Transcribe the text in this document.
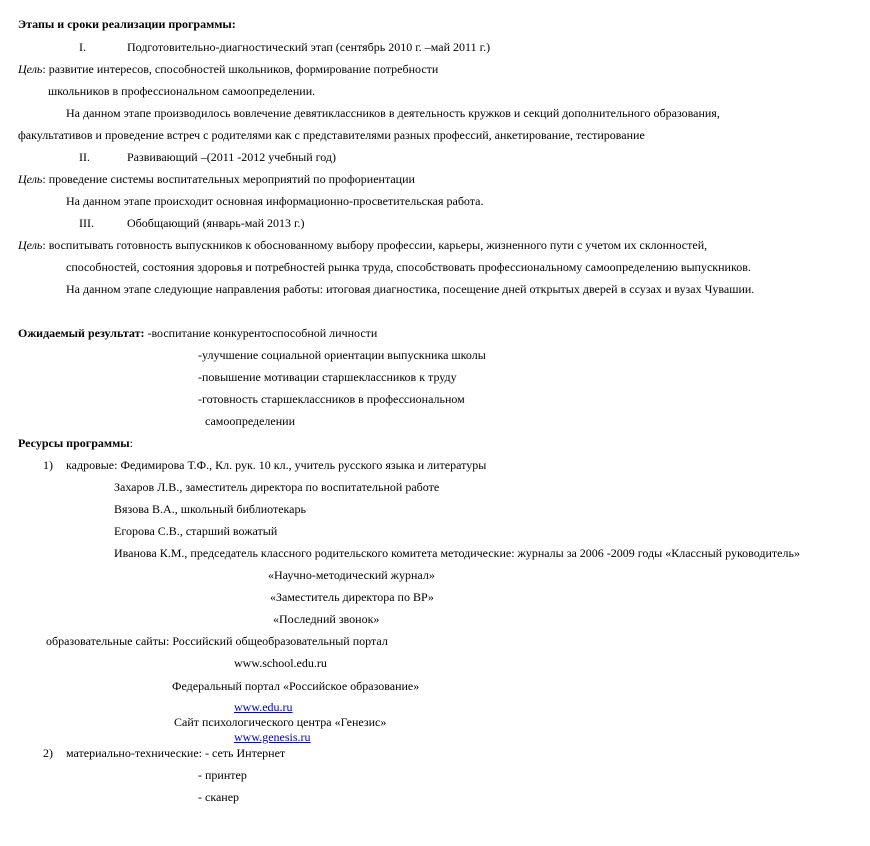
Этапы и сроки реализации программы:
I.	Подготовительно-диагностический этап (сентябрь 2010 г. –май 2011 г.)
Цель: развитие интересов, способностей школьников, формирование потребности
школьников в профессиональном самоопределении.
На данном этапе производилось вовлечение девятиклассников в деятельность кружков и секций дополнительного образования,
факультативов и проведение встреч с родителями как с представителями разных профессий, анкетирование, тестирование
II.	Развивающий –(2011 -2012 учебный год)
Цель: проведение системы воспитательных мероприятий по профориентации
На данном этапе происходит основная информационно-просветительская работа.
III.	Обобщающий (январь-май 2013 г.)
Цель: воспитывать готовность выпускников к обоснованному выбору профессии, карьеры, жизненного пути с учетом их склонностей,
способностей, состояния здоровья и потребностей рынка труда, способствовать профессиональному самоопределению выпускников.
На данном этапе следующие направления работы: итоговая диагностика, посещение дней открытых дверей в ссузах и вузах Чувашии.
Ожидаемый результат: -воспитание конкурентоспособной личности
-улучшение социальной ориентации выпускника школы
-повышение мотивации старшеклассников к труду
-готовность старшеклассников в профессиональном
самоопределении
Ресурсы программы:
1) кадровые: Федимирова Т.Ф., Кл. рук. 10 кл., учитель русского языка и литературы
Захаров Л.В., заместитель директора по воспитательной работе
Вязова В.А., школьный библиотекарь
Егорова С.В., старший вожатый
Иванова К.М., председатель классного родительского комитета методические: журналы за 2006 -2009 годы «Классный руководитель»
«Научно-методический журнал»
«Заместитель директора по ВР»
«Последний звонок»
образовательные сайты: Российский общеобразовательный портал
www.school.edu.ru
Федеральный портал «Российское образование»
www.edu.ru
Сайт психологического центра «Генезис»
www.genesis.ru
2) материально-технические: - сеть Интернет
- принтер
- сканер
